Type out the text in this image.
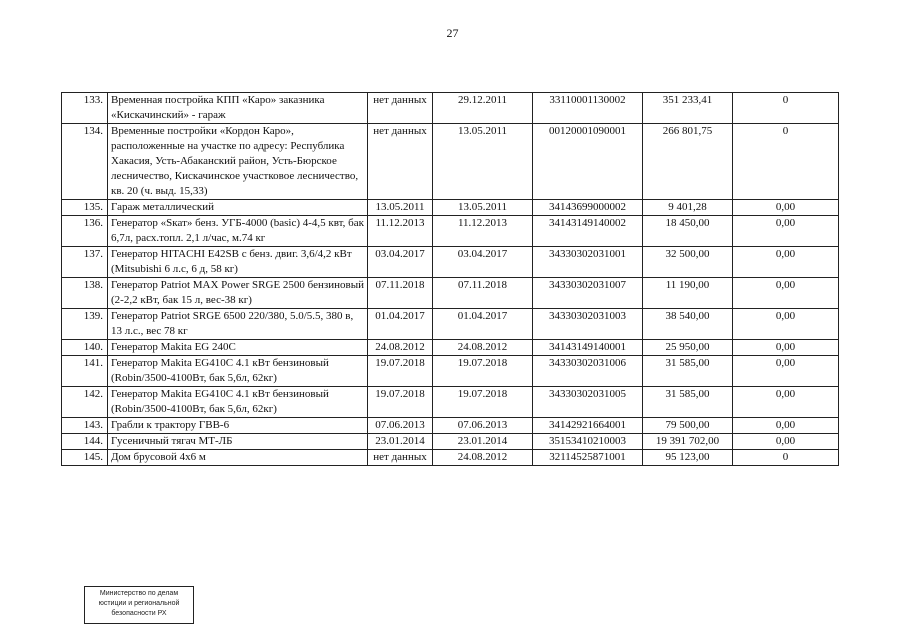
27
133.	Временная постройка КПП «Каро» заказника «Кискачинский» - гараж	нет данных	29.12.2011	33110001130002	351 233,41	0
134.	Временные постройки «Кордон Каро», расположенные на участке по адресу: Республика Хакасия, Усть-Абаканский район, Усть-Бюрское лесничество, Кискачинское участковое лесничество, кв. 20 (ч. выд. 15,33)	нет данных	13.05.2011	00120001090001	266 801,75	0
135.	Гараж металлический	13.05.2011	13.05.2011	34143699000002	9 401,28	0,00
136.	Генератор «Sкат» бенз. УГБ-4000 (basic) 4-4,5 квт, бак 6,7л, расх.топл. 2,1 л/час, м.74 кг	11.12.2013	11.12.2013	34143149140002	18 450,00	0,00
137.	Генератор HITACHI E42SB с бенз. двиг. 3,6/4,2 кВт (Mitsubishi 6 л.с, 6 д, 58 кг)	03.04.2017	03.04.2017	34330302031001	32 500,00	0,00
138.	Генератор Patriot MAX Power SRGE 2500 бензиновый (2-2,2 кВт, бак 15 л, вес-38 кг)	07.11.2018	07.11.2018	34330302031007	11 190,00	0,00
139.	Генератор Patriot SRGE 6500 220/380, 5.0/5.5, 380 в, 13 л.с., вес 78 кг	01.04.2017	01.04.2017	34330302031003	38 540,00	0,00
140.	Генератор Makita EG 240C	24.08.2012	24.08.2012	34143149140001	25 950,00	0,00
141.	Генератор Makita EG410C 4.1 кВт бензиновый (Robin/3500-4100Вт, бак 5,6л, 62кг)	19.07.2018	19.07.2018	34330302031006	31 585,00	0,00
142.	Генератор Makita EG410C 4.1 кВт бензиновый (Robin/3500-4100Вт, бак 5,6л, 62кг)	19.07.2018	19.07.2018	34330302031005	31 585,00	0,00
143.	Грабли к трактору ГВВ-6	07.06.2013	07.06.2013	34142921664001	79 500,00	0,00
144.	Гусеничный тягач МТ-ЛБ	23.01.2014	23.01.2014	35153410210003	19 391 702,00	0,00
145.	Дом брусовой 4х6 м	нет данных	24.08.2012	32114525871001	95 123,00	0
Министерство по делам
юстиции и региональной
безопасности РХ
